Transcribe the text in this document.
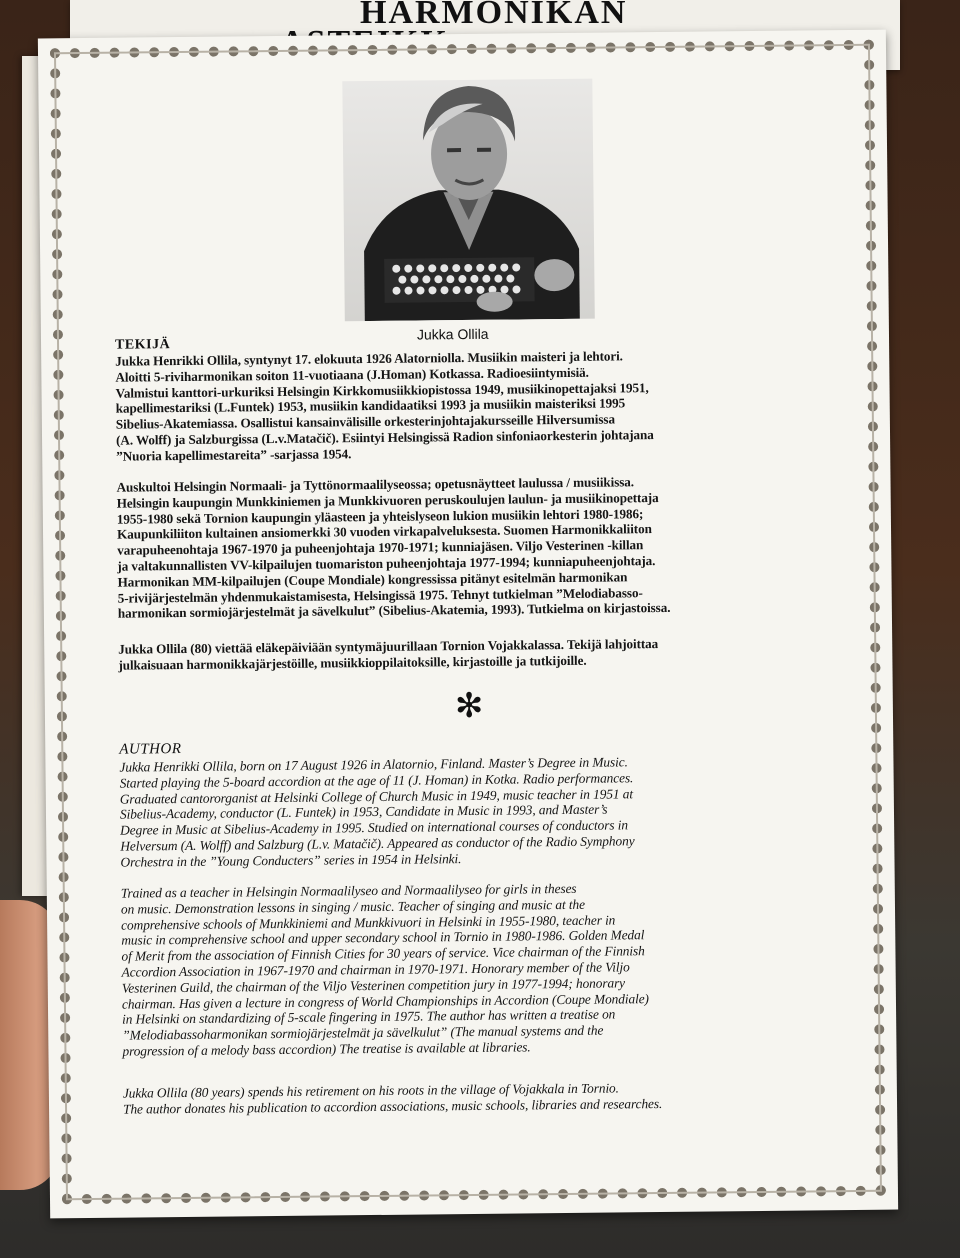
HARMONIKAN
Jukka Ollila
TEKIJÄ
Jukka Henrikki Ollila, syntynyt 17. elokuuta 1926 Alatorniolla. Musiikin maisteri ja lehtori.
Aloitti 5-riviharmonikan soiton 11-vuotiaana (J.Homan) Kotkassa. Radioesiintymisiä.
Valmistui kanttori-urkuriksi Helsingin Kirkkomusiikkiopistossa 1949, musiikinopettajaksi 1951,
kapellimestariksi (L.Funtek) 1953, musiikin kandidaatiksi 1993 ja musiikin maisteriksi 1995
Sibelius-Akatemiassa. Osallistui kansainvälisille orkesterinjohtajakursseille Hilversumissa
(A. Wolff) ja Salzburgissa (L.v.Matačič). Esiintyi Helsingissä Radion sinfoniaorkesterin johtajana
”Nuoria kapellimestareita” -sarjassa 1954.
Auskultoi Helsingin Normaali- ja Tyttönormaalilyseossa; opetusnäytteet laulussa / musiikissa.
Helsingin kaupungin Munkkiniemen ja Munkkivuoren peruskoulujen laulun- ja musiikinopettaja
1955-1980 sekä Tornion kaupungin yläasteen ja yhteislyseon lukion musiikin lehtori 1980-1986;
Kaupunkiliiton kultainen ansiomerkki 30 vuoden virkapalveluksesta. Suomen Harmonikkaliiton
varapuheenohtaja 1967-1970 ja puheenjohtaja 1970-1971; kunniajäsen. Viljo Vesterinen -killan
ja valtakunnallisten VV-kilpailujen tuomariston puheenjohtaja 1977-1994; kunniapuheenjohtaja.
Harmonikan MM-kilpailujen (Coupe Mondiale) kongressissa pitänyt esitelmän harmonikan
5-rivijärjestelmän yhdenmukaistamisesta, Helsingissä 1975. Tehnyt tutkielman ”Melodiabasso-
harmonikan sormiojärjestelmät ja sävelkulut” (Sibelius-Akatemia, 1993). Tutkielma on kirjastoissa.
Jukka Ollila (80) viettää eläkepäiviään syntymäjuurillaan Tornion Vojakkalassa. Tekijä lahjoittaa
julkaisuaan harmonikkajärjestöille, musiikkioppilaitoksille, kirjastoille ja tutkijoille.
✻
AUTHOR
Jukka Henrikki Ollila, born on 17 August 1926 in Alatornio, Finland. Master’s Degree in Music.
Started playing the 5-board accordion at the age of 11 (J. Homan) in Kotka. Radio performances.
Graduated cantororganist at Helsinki College of Church Music in 1949, music teacher in 1951 at
Sibelius-Academy, conductor (L. Funtek) in 1953, Candidate in Music in 1993, and Master’s
Degree in Music at Sibelius-Academy in 1995. Studied on international courses of conductors in
Helversum (A. Wolff) and Salzburg (L.v. Matačič). Appeared as conductor of the Radio Symphony
Orchestra in the ”Young Conducters” series in 1954 in Helsinki.
Trained as a teacher in Helsingin Normaalilyseo and Normaalilyseo for girls in theses
on music. Demonstration lessons in singing / music. Teacher of singing and music at the
comprehensive schools of Munkkiniemi and Munkkivuori in Helsinki in 1955-1980, teacher in
music in comprehensive school and upper secondary school in Tornio in 1980-1986. Golden Medal
of Merit from the association of Finnish Cities for 30 years of service. Vice chairman of the Finnish
Accordion Association in 1967-1970 and chairman in 1970-1971. Honorary member of the Viljo
Vesterinen Guild, the chairman of the Viljo Vesterinen competition jury in 1977-1994; honorary
chairman. Has given a lecture in congress of World Championships in Accordion (Coupe Mondiale)
in Helsinki on standardizing of 5-scale fingering in 1975. The author has written a treatise on
”Melodiabassoharmonikan sormiojärjestelmät ja sävelkulut” (The manual systems and the
progression of a melody bass accordion) The treatise is available at libraries.
Jukka Ollila (80 years) spends his retirement on his roots in the village of Vojakkala in Tornio.
The author donates his publication to accordion associations, music schools, libraries and researches.
